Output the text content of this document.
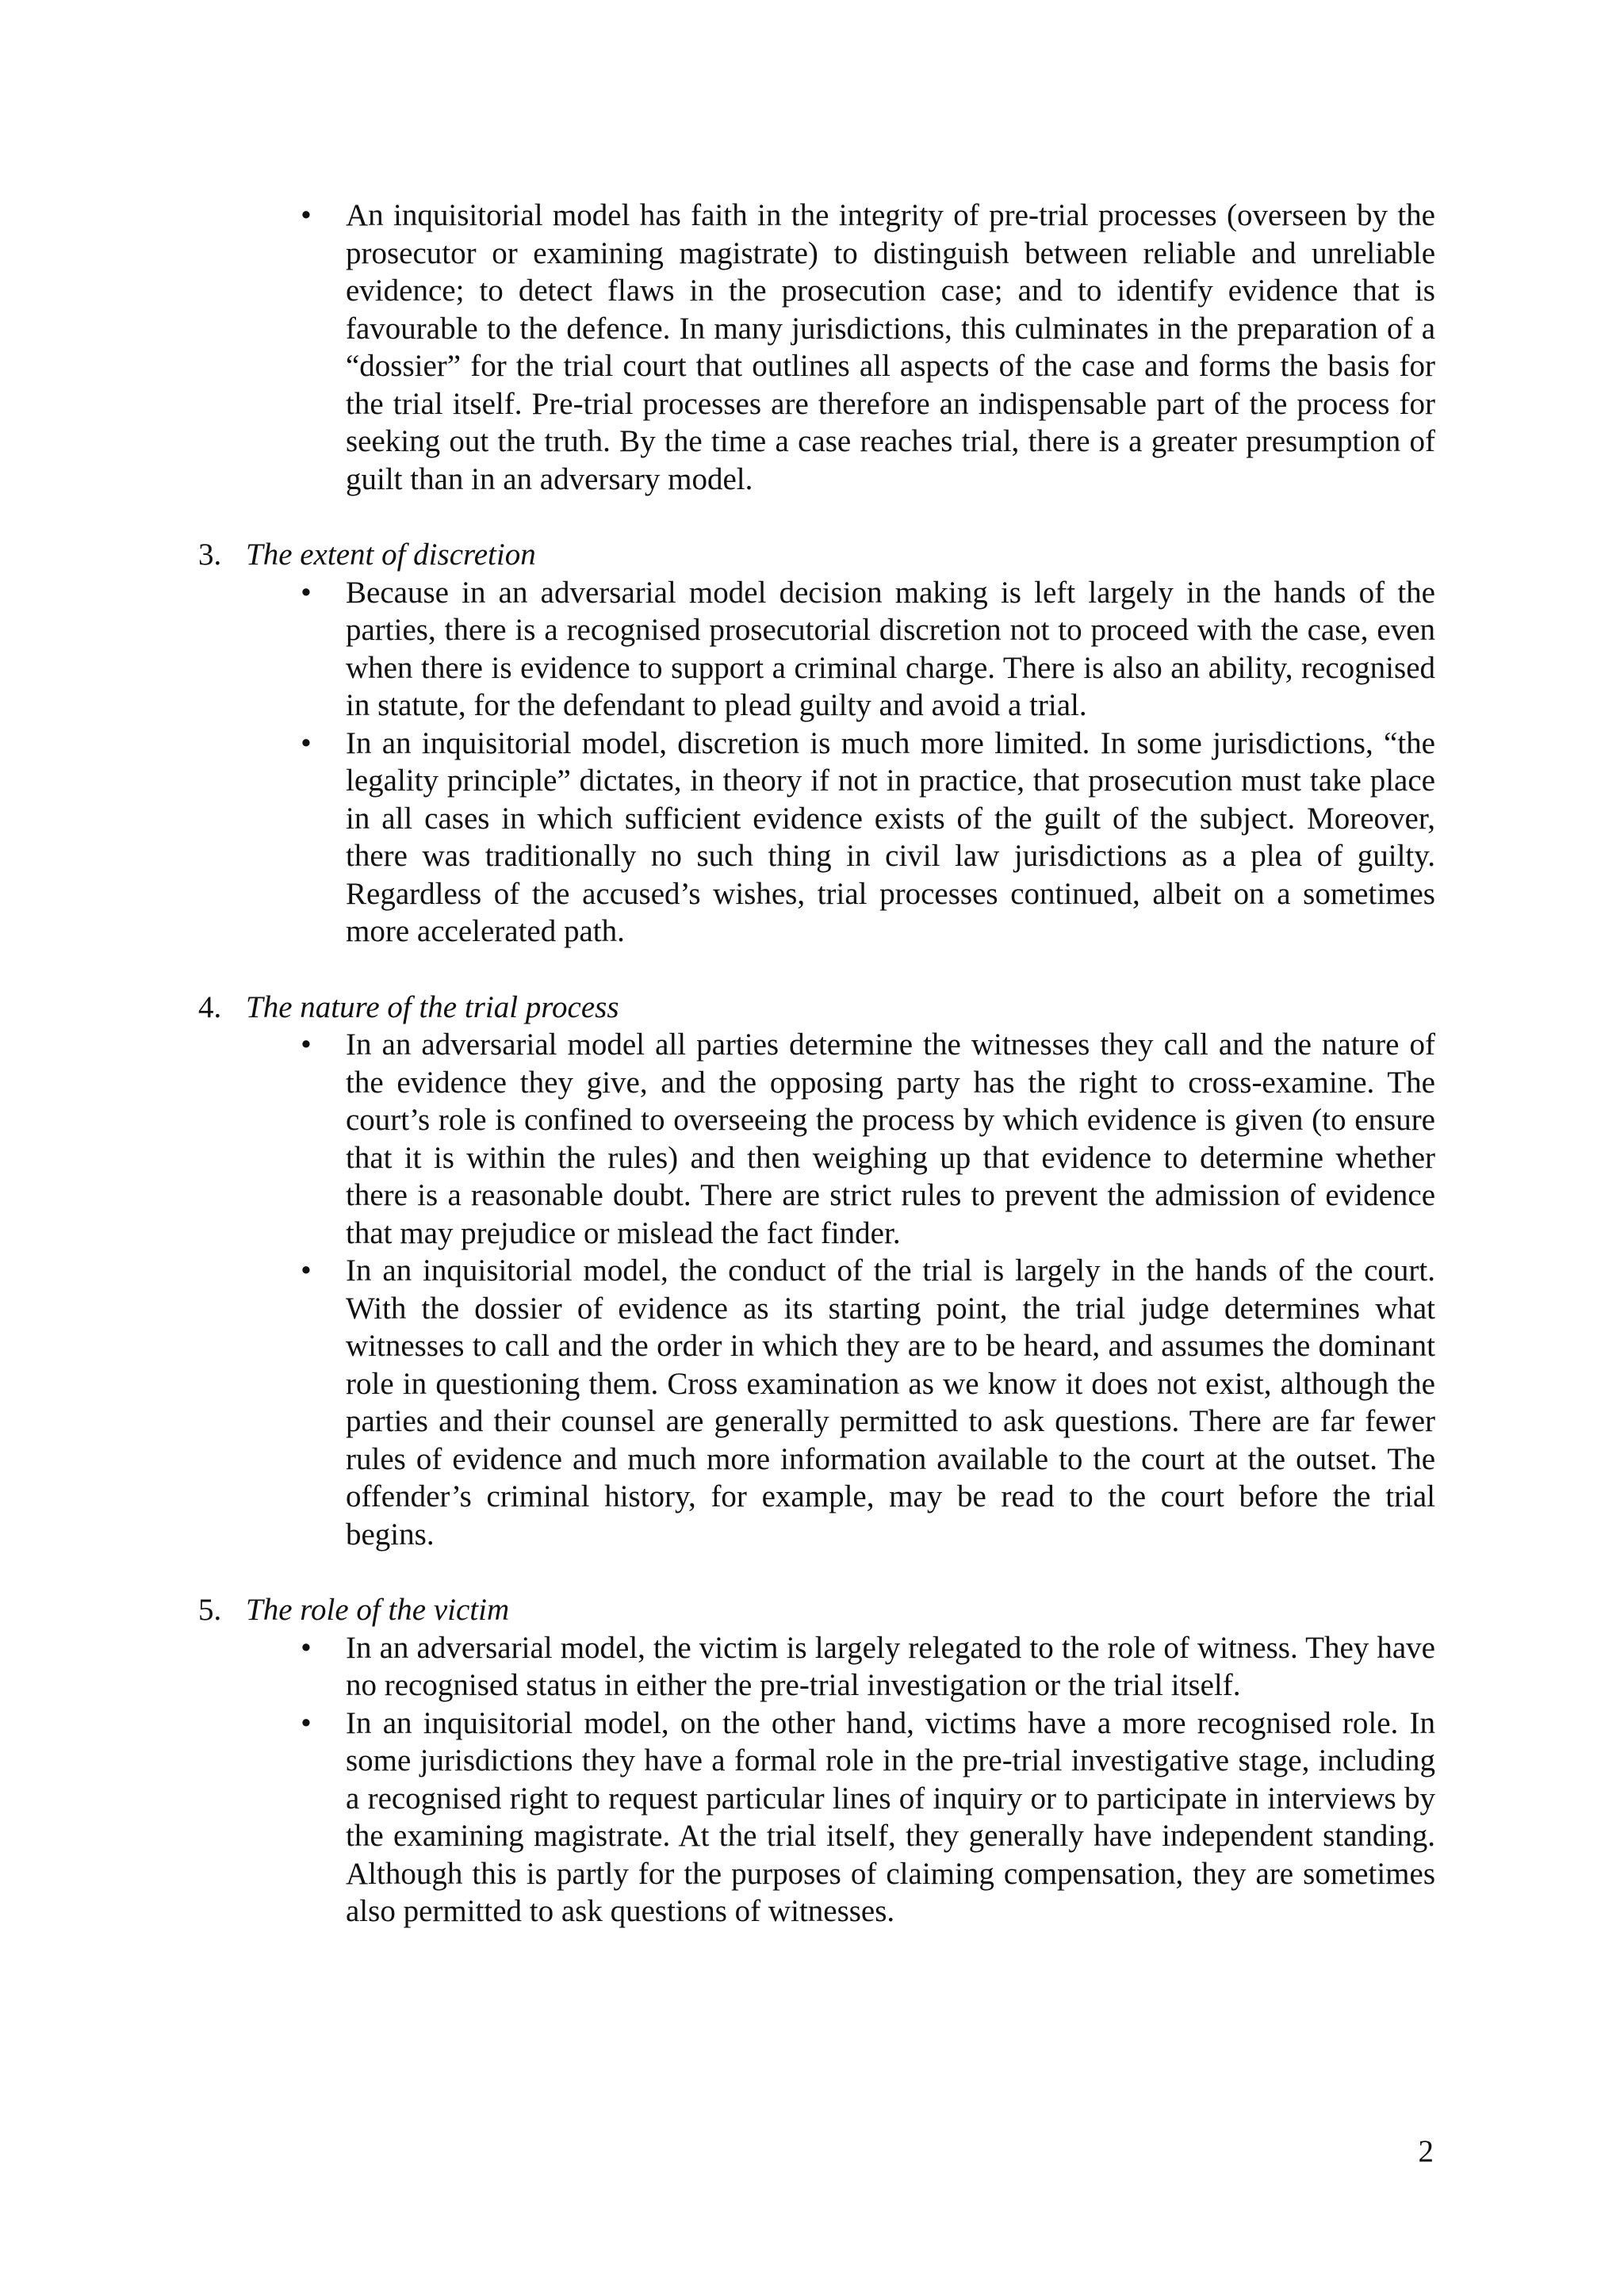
• An inquisitorial model has faith in the integrity of pre-trial processes (overseen by the prosecutor or examining magistrate) to distinguish between reliable and unreliable evidence; to detect flaws in the prosecution case; and to identify evidence that is favourable to the defence. In many jurisdictions, this culminates in the preparation of a “dossier” for the trial court that outlines all aspects of the case and forms the basis for the trial itself. Pre-trial processes are therefore an indispensable part of the process for seeking out the truth. By the time a case reaches trial, there is a greater presumption of guilt than in an adversary model.
3. The extent of discretion
• Because in an adversarial model decision making is left largely in the hands of the parties, there is a recognised prosecutorial discretion not to proceed with the case, even when there is evidence to support a criminal charge. There is also an ability, recognised in statute, for the defendant to plead guilty and avoid a trial.
• In an inquisitorial model, discretion is much more limited. In some jurisdictions, “the legality principle” dictates, in theory if not in practice, that prosecution must take place in all cases in which sufficient evidence exists of the guilt of the subject. Moreover, there was traditionally no such thing in civil law jurisdictions as a plea of guilty. Regardless of the accused’s wishes, trial processes continued, albeit on a sometimes more accelerated path.
4. The nature of the trial process
• In an adversarial model all parties determine the witnesses they call and the nature of the evidence they give, and the opposing party has the right to cross-examine. The court’s role is confined to overseeing the process by which evidence is given (to ensure that it is within the rules) and then weighing up that evidence to determine whether there is a reasonable doubt. There are strict rules to prevent the admission of evidence that may prejudice or mislead the fact finder.
• In an inquisitorial model, the conduct of the trial is largely in the hands of the court. With the dossier of evidence as its starting point, the trial judge determines what witnesses to call and the order in which they are to be heard, and assumes the dominant role in questioning them. Cross examination as we know it does not exist, although the parties and their counsel are generally permitted to ask questions. There are far fewer rules of evidence and much more information available to the court at the outset. The offender’s criminal history, for example, may be read to the court before the trial begins.
5. The role of the victim
• In an adversarial model, the victim is largely relegated to the role of witness. They have no recognised status in either the pre-trial investigation or the trial itself.
• In an inquisitorial model, on the other hand, victims have a more recognised role. In some jurisdictions they have a formal role in the pre-trial investigative stage, including a recognised right to request particular lines of inquiry or to participate in interviews by the examining magistrate. At the trial itself, they generally have independent standing. Although this is partly for the purposes of claiming compensation, they are sometimes also permitted to ask questions of witnesses.
2
